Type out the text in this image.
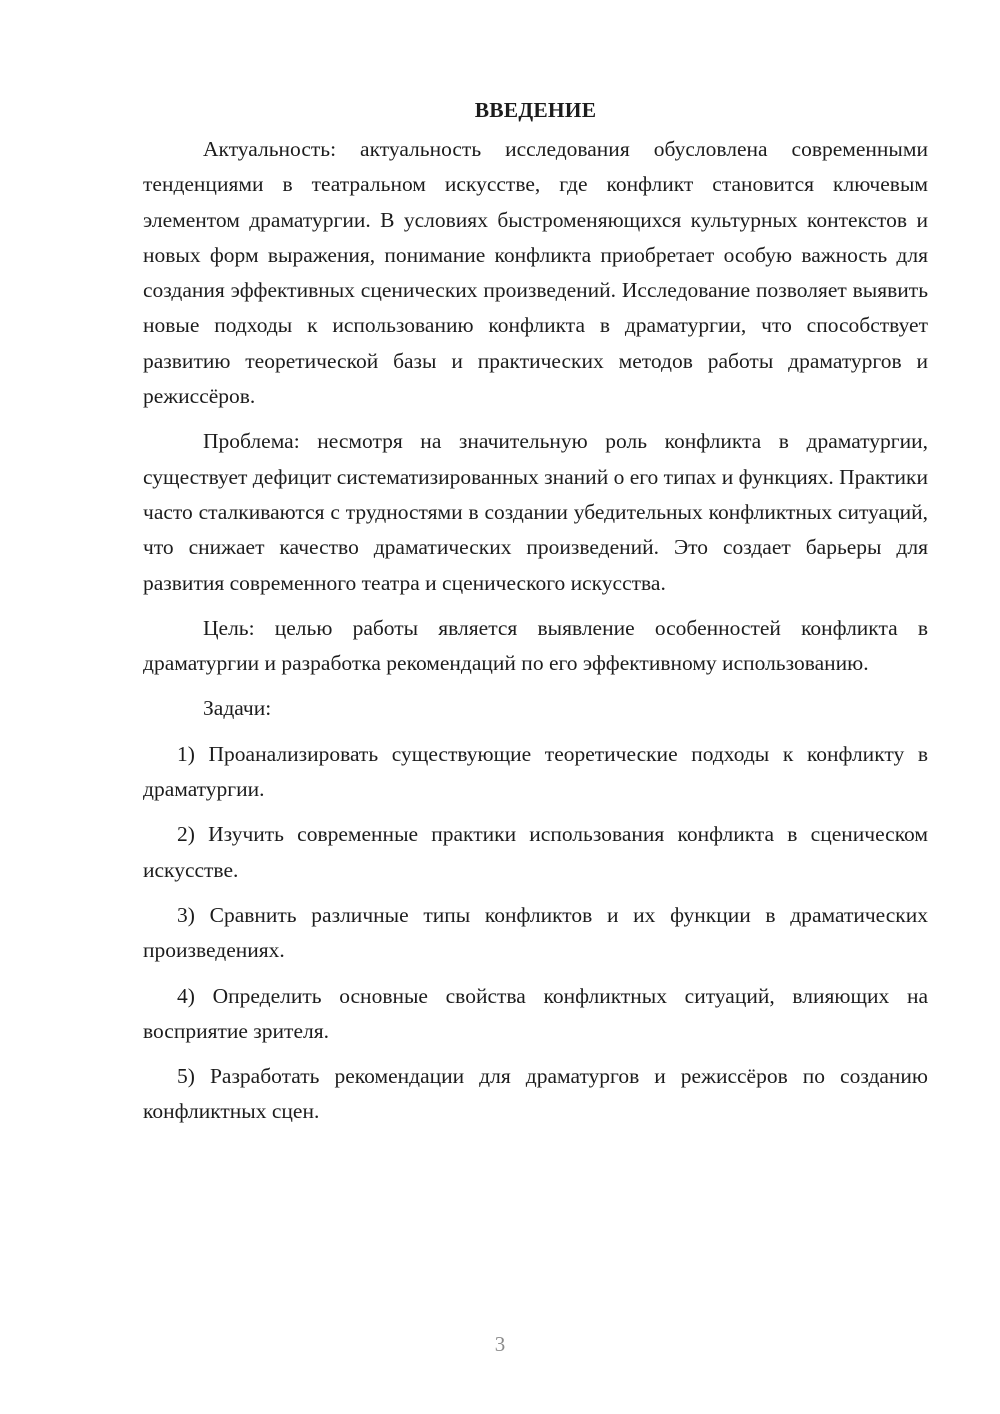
ВВЕДЕНИЕ

Актуальность: актуальность исследования обусловлена современными тенденциями в театральном искусстве, где конфликт становится ключевым элементом драматургии. В условиях быстроменяющихся культурных контекстов и новых форм выражения, понимание конфликта приобретает особую важность для создания эффективных сценических произведений. Исследование позволяет выявить новые подходы к использованию конфликта в драматургии, что способствует развитию теоретической базы и практических методов работы драматургов и режиссёров.

Проблема: несмотря на значительную роль конфликта в драматургии, существует дефицит систематизированных знаний о его типах и функциях. Практики часто сталкиваются с трудностями в создании убедительных конфликтных ситуаций, что снижает качество драматических произведений. Это создает барьеры для развития современного театра и сценического искусства.

Цель: целью работы является выявление особенностей конфликта в драматургии и разработка рекомендаций по его эффективному использованию.

Задачи:

1) Проанализировать существующие теоретические подходы к конфликту в драматургии.

2) Изучить современные практики использования конфликта в сценическом искусстве.

3) Сравнить различные типы конфликтов и их функции в драматических произведениях.

4) Определить основные свойства конфликтных ситуаций, влияющих на восприятие зрителя.

5) Разработать рекомендации для драматургов и режиссёров по созданию конфликтных сцен.

3
